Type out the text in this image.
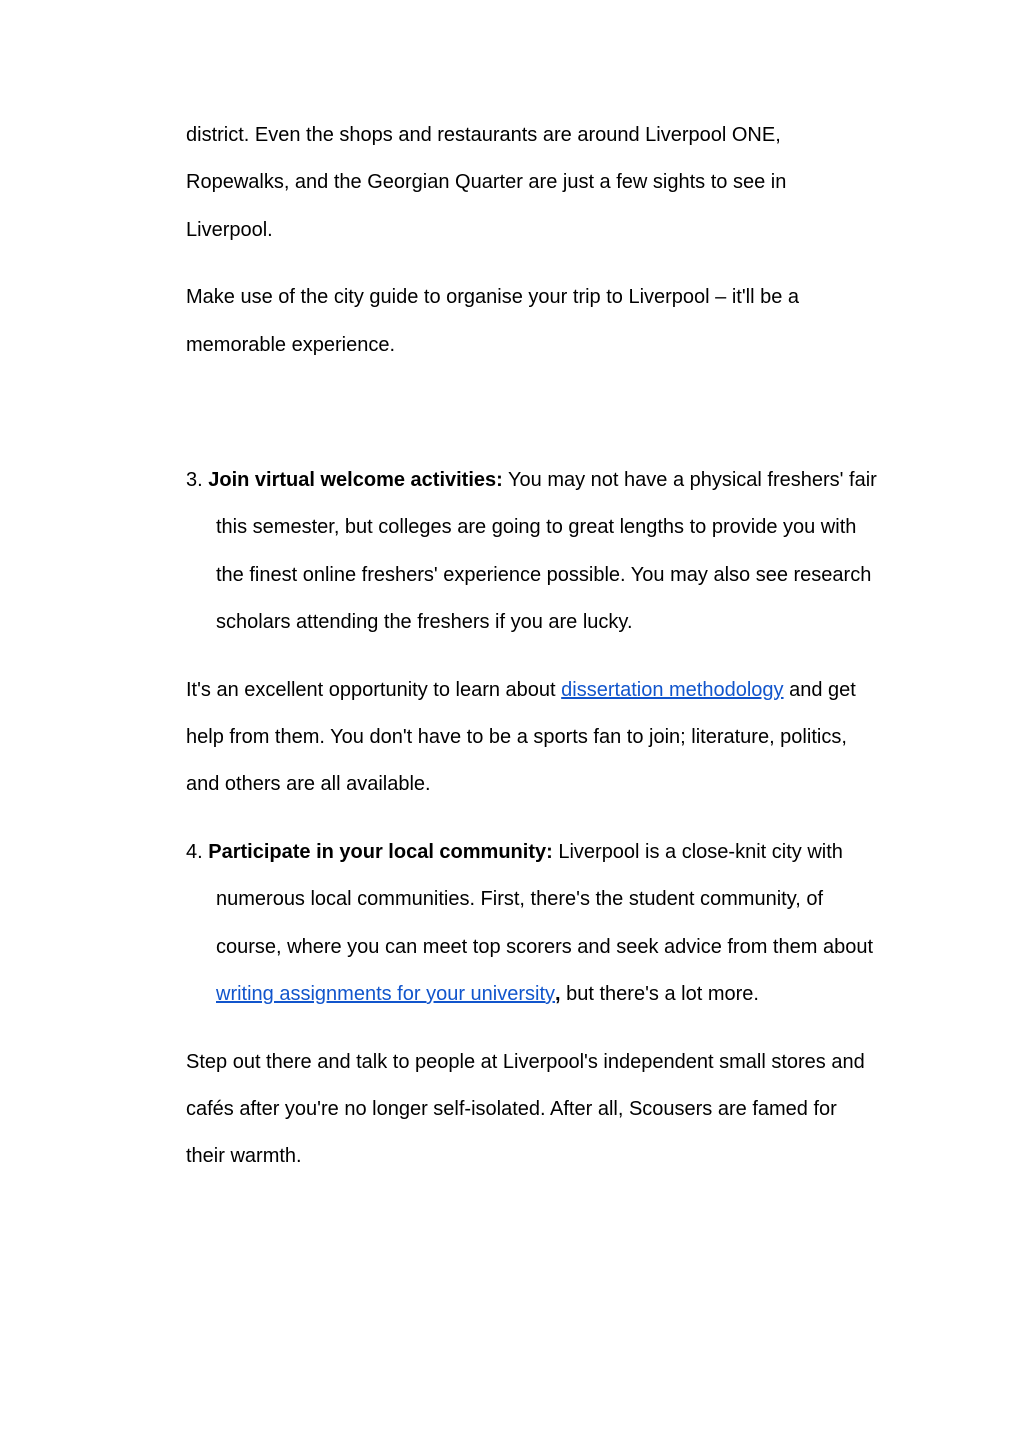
district. Even the shops and restaurants are around Liverpool ONE,
Ropewalks, and the Georgian Quarter are just a few sights to see in
Liverpool.

Make use of the city guide to organise your trip to Liverpool – it'll be a
memorable experience.

3. Join virtual welcome activities: You may not have a physical freshers' fair
this semester, but colleges are going to great lengths to provide you with
the finest online freshers' experience possible. You may also see research
scholars attending the freshers if you are lucky.

It's an excellent opportunity to learn about dissertation methodology and get
help from them. You don't have to be a sports fan to join; literature, politics,
and others are all available.

4. Participate in your local community: Liverpool is a close-knit city with
numerous local communities. First, there's the student community, of
course, where you can meet top scorers and seek advice from them about
writing assignments for your university, but there's a lot more.

Step out there and talk to people at Liverpool's independent small stores and
cafés after you're no longer self-isolated. After all, Scousers are famed for
their warmth.
